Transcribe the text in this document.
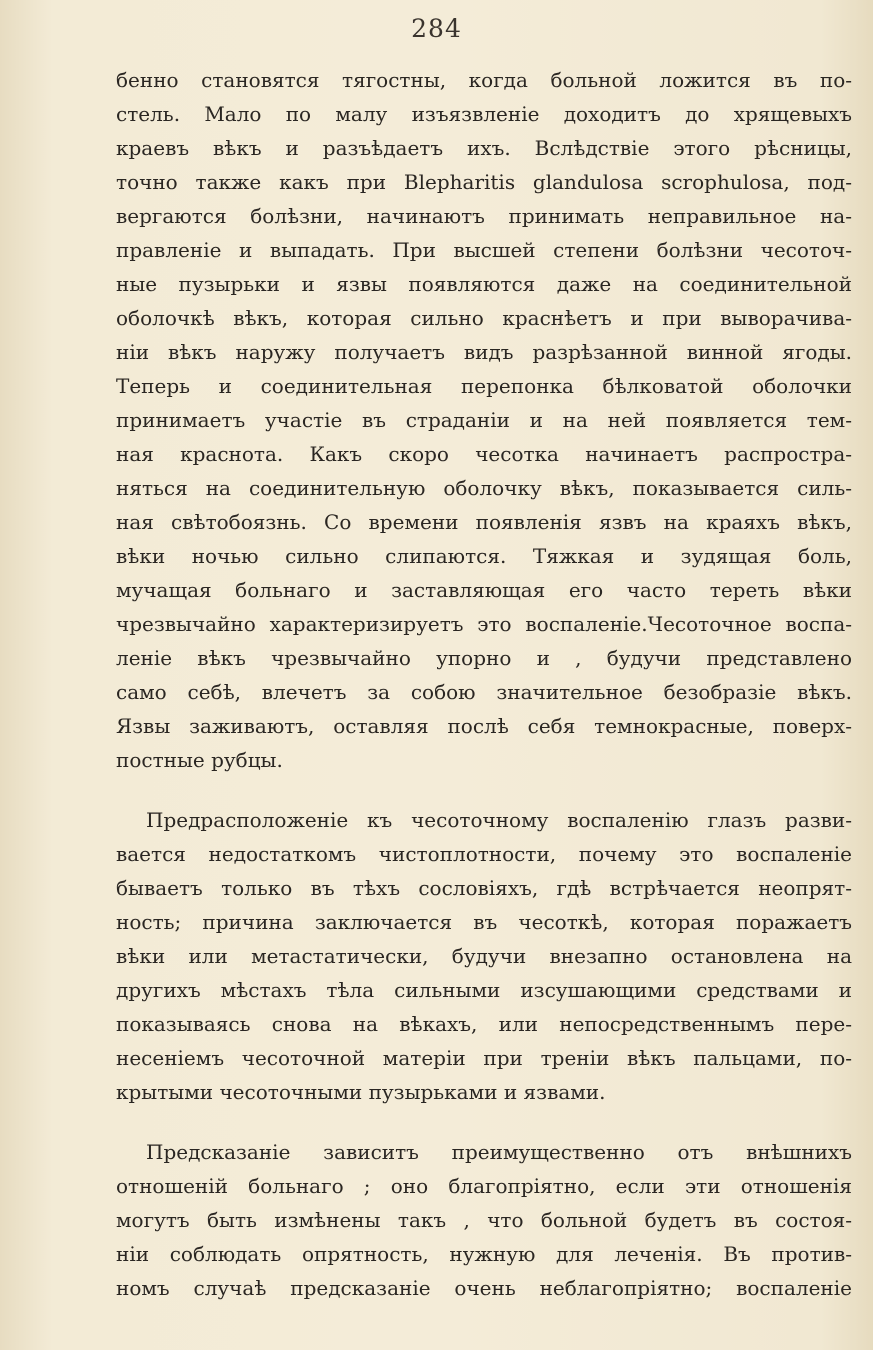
284
бенно становятся тягостны, когда больной ложится въ по-
стель. Мало по малу изъязвленіе доходитъ до хрящевыхъ
краевъ вѣкъ и разъѣдаетъ ихъ. Вслѣдствіе этого рѣсницы,
точно также какъ при Blepharitis glandulosa scrophulosa, под-
вергаются болѣзни, начинаютъ принимать неправильное на-
правленіе и выпадать. При высшей степени болѣзни чесоточ-
ные пузырьки и язвы появляются даже на соединительной
оболочкѣ вѣкъ, которая сильно краснѣетъ и при выворачива-
ніи вѣкъ наружу получаетъ видъ разрѣзанной винной ягоды.
Теперь и соединительная перепонка бѣлковатой оболочки
принимаетъ участіе въ страданіи и на ней появляется тем-
ная краснота. Какъ скоро чесотка начинаетъ распростра-
няться на соединительную оболочку вѣкъ, показывается силь-
ная свѣтобоязнь. Со времени появленія язвъ на краяхъ вѣкъ,
вѣки ночью сильно слипаются. Тяжкая и зудящая боль,
мучащая больнаго и заставляющая его часто тереть вѣки
чрезвычайно характеризируетъ это воспаленіе.Чесоточное воспа-
леніе вѣкъ чрезвычайно упорно и , будучи представлено
само себѣ, влечетъ за собою значительное безобразіе вѣкъ.
Язвы заживаютъ, оставляя послѣ себя темнокрасные, поверх-
постные рубцы.
Предрасположеніе къ чесоточному воспаленію глазъ разви-
вается недостаткомъ чистоплотности, почему это воспаленіе
бываетъ только въ тѣхъ сословіяхъ, гдѣ встрѣчается неопрят-
ность; причина заключается въ чесоткѣ, которая поражаетъ
вѣки или метастатически, будучи внезапно остановлена на
другихъ мѣстахъ тѣла сильными изсушающими средствами и
показываясь снова на вѣкахъ, или непосредственнымъ пере-
несеніемъ чесоточной матеріи при треніи вѣкъ пальцами, по-
крытыми чесоточными пузырьками и язвами.
Предсказаніе зависитъ преимущественно отъ внѣшнихъ
отношеній больнаго ; оно благопріятно, если эти отношенія
могутъ быть измѣнены такъ , что больной будетъ въ состоя-
ніи соблюдать опрятность, нужную для леченія. Въ против-
номъ случаѣ предсказаніе очень неблагопріятно; воспаленіе
